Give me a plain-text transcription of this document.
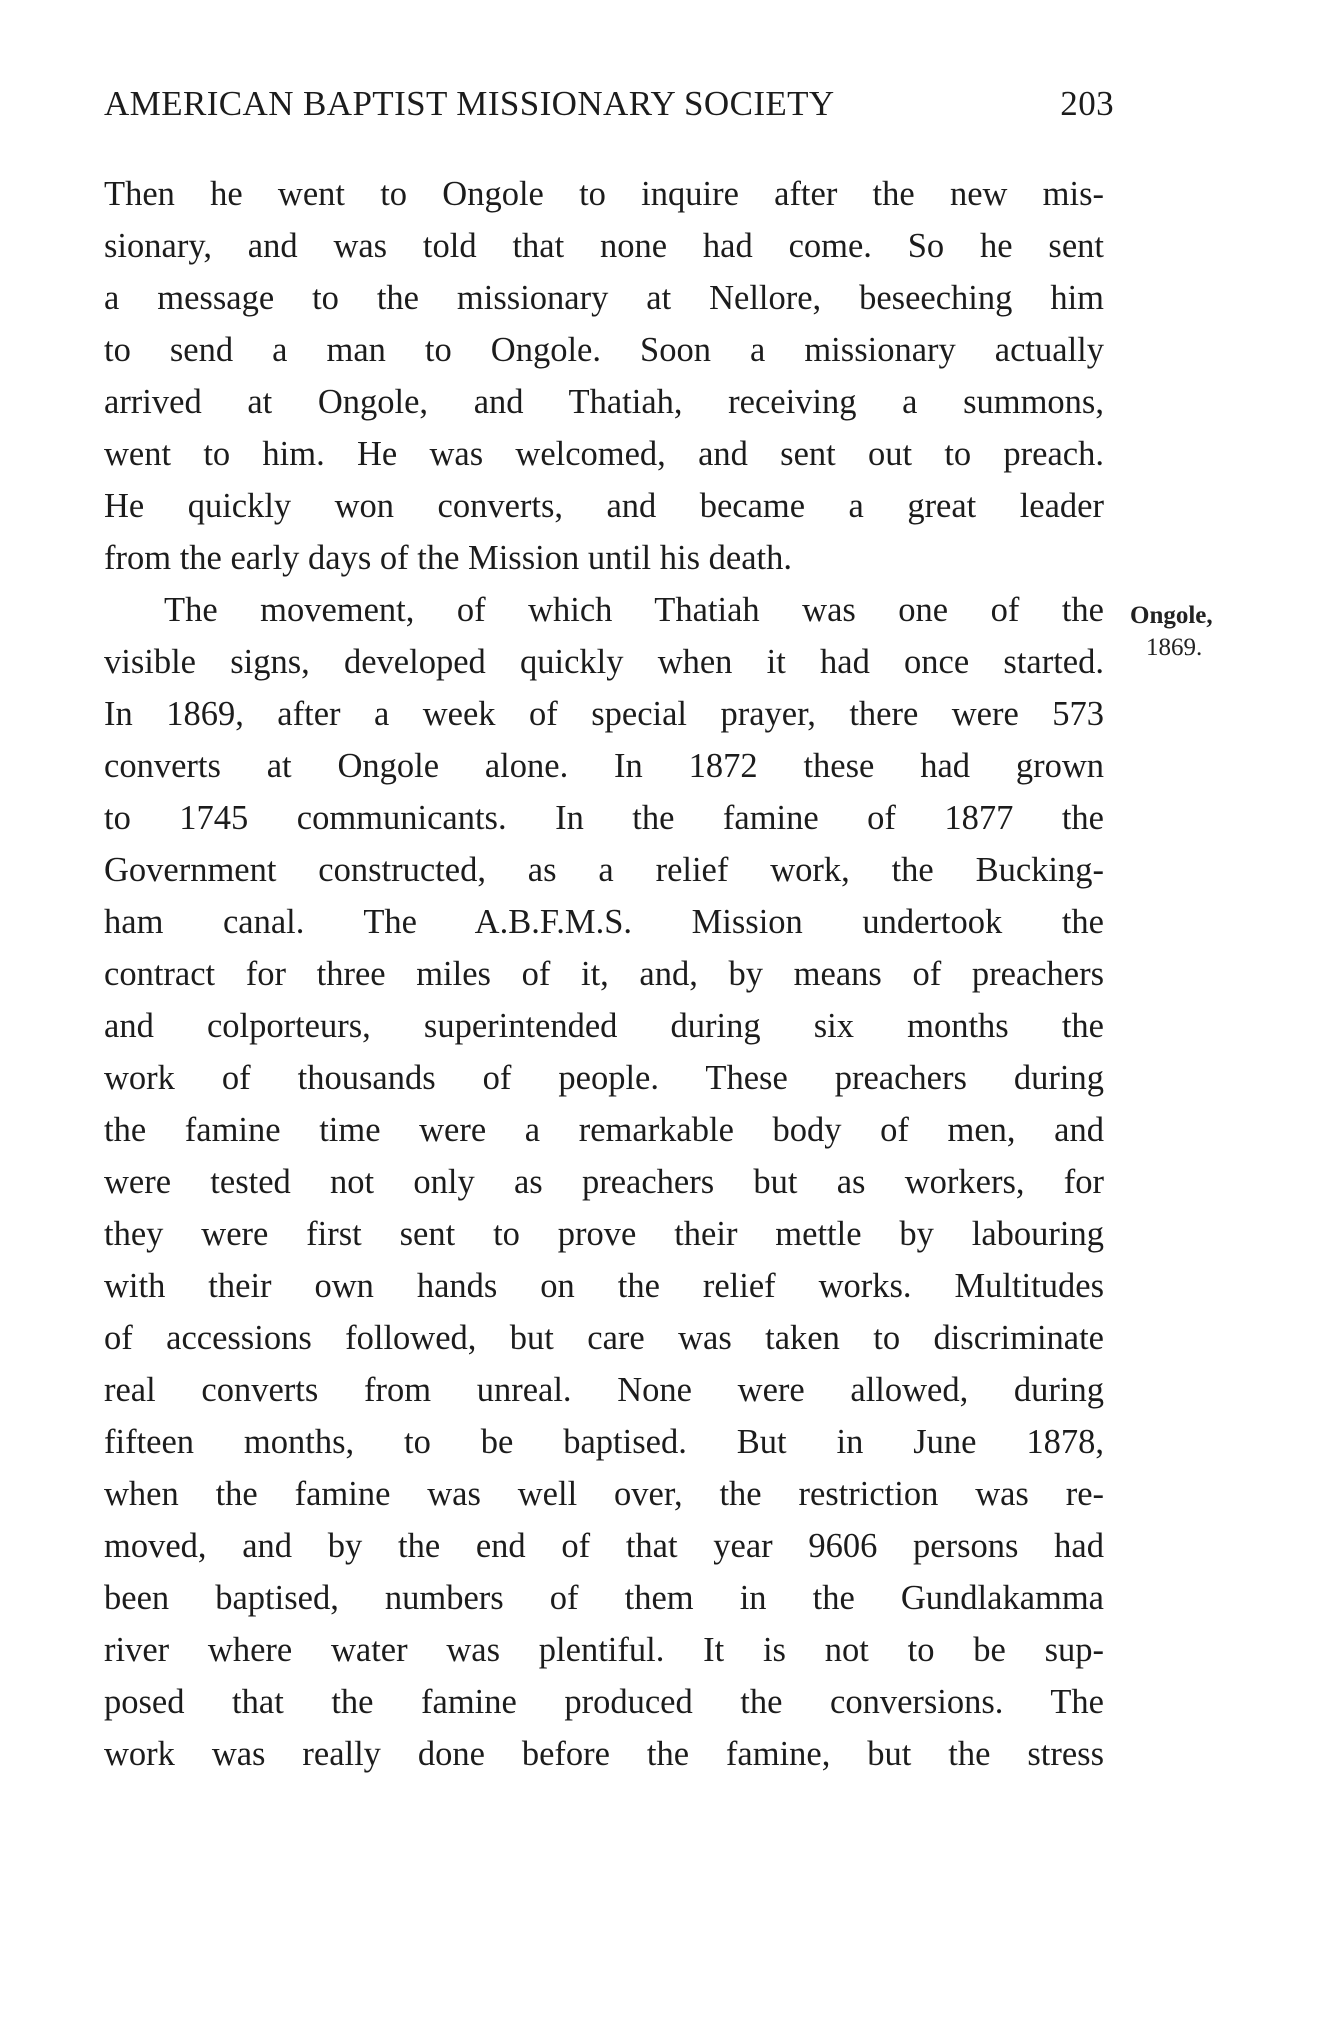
AMERICAN BAPTIST MISSIONARY SOCIETY	203
Then he went to Ongole to inquire after the new mis-
sionary, and was told that none had come. So he sent
a message to the missionary at Nellore, beseeching him
to send a man to Ongole. Soon a missionary actually
arrived at Ongole, and Thatiah, receiving a summons,
went to him. He was welcomed, and sent out to preach.
He quickly won converts, and became a great leader
from the early days of the Mission until his death.
The movement, of which Thatiah was one of the
visible signs, developed quickly when it had once started.
In 1869, after a week of special prayer, there were 573
converts at Ongole alone. In 1872 these had grown
to 1745 communicants. In the famine of 1877 the
Government constructed, as a relief work, the Bucking-
ham canal. The A.B.F.M.S. Mission undertook the
contract for three miles of it, and, by means of preachers
and colporteurs, superintended during six months the
work of thousands of people. These preachers during
the famine time were a remarkable body of men, and
were tested not only as preachers but as workers, for
they were first sent to prove their mettle by labouring
with their own hands on the relief works. Multitudes
of accessions followed, but care was taken to discriminate
real converts from unreal. None were allowed, during
fifteen months, to be baptised. But in June 1878,
when the famine was well over, the restriction was re-
moved, and by the end of that year 9606 persons had
been baptised, numbers of them in the Gundlakamma
river where water was plentiful. It is not to be sup-
posed that the famine produced the conversions. The
work was really done before the famine, but the stress
Ongole,
1869.
